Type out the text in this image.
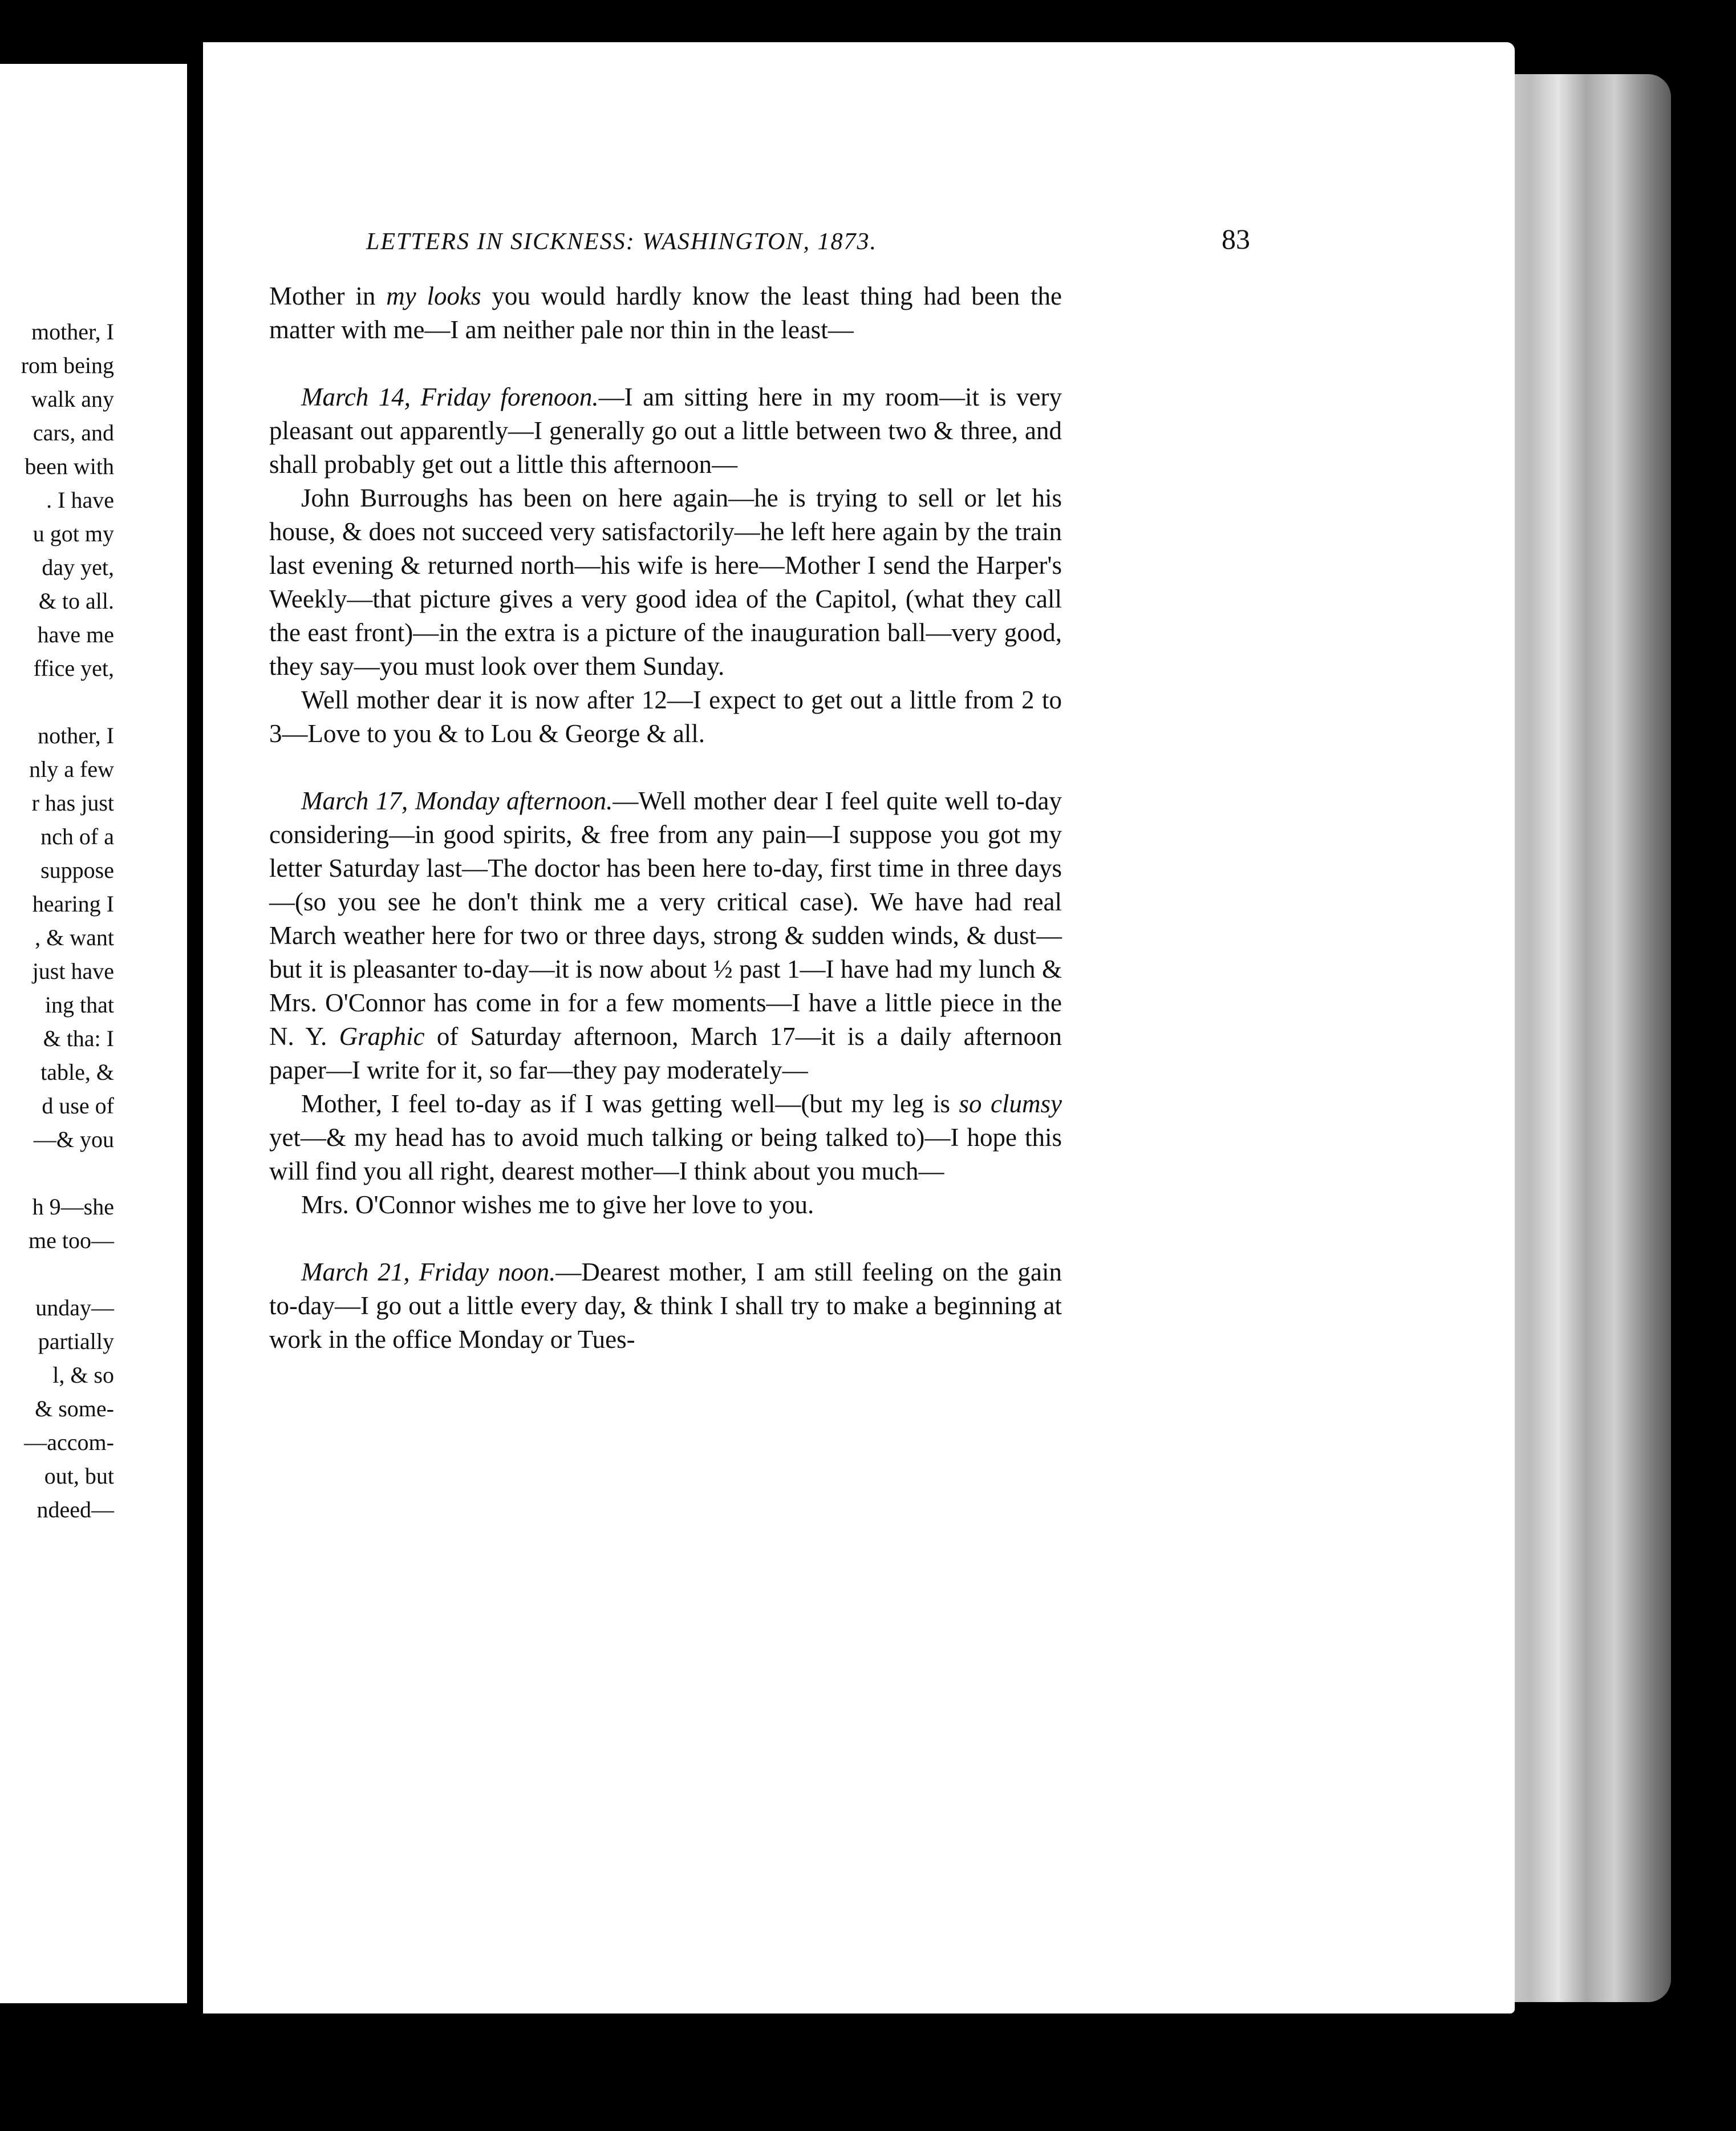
mother, I
rom being
walk any
cars, and
been with
. I have
u got my
day yet,
& to all.
have me
ffice yet,
nother, I
nly a few
r has just
nch of a
suppose
hearing I
, & want
just have
ing that
& tha: I
table, &
d use of
—& you
h 9—she
me too—
unday—
partially
l, & so
& some-
—accom-
out, but
ndeed—
LETTERS IN SICKNESS: WASHINGTON, 1873.	83

Mother in my looks you would hardly know the least thing had been the matter with me—I am neither pale nor thin in the least—

March 14, Friday forenoon.—I am sitting here in my room—it is very pleasant out apparently—I generally go out a little between two & three, and shall probably get out a little this afternoon—

John Burroughs has been on here again—he is trying to sell or let his house, & does not succeed very satisfactorily—he left here again by the train last evening & returned north—his wife is here—Mother I send the Harper's Weekly—that picture gives a very good idea of the Capitol, (what they call the east front)—in the extra is a picture of the inauguration ball—very good, they say—you must look over them Sunday.

Well mother dear it is now after 12—I expect to get out a little from 2 to 3—Love to you & to Lou & George & all.

March 17, Monday afternoon.—Well mother dear I feel quite well to-day considering—in good spirits, & free from any pain—I suppose you got my letter Saturday last—The doctor has been here to-day, first time in three days—(so you see he don't think me a very critical case). We have had real March weather here for two or three days, strong & sudden winds, & dust—but it is pleasanter to-day—it is now about ½ past 1—I have had my lunch & Mrs. O'Connor has come in for a few moments—I have a little piece in the N. Y. Graphic of Saturday afternoon, March 17—it is a daily afternoon paper—I write for it, so far—they pay moderately—

Mother, I feel to-day as if I was getting well—(but my leg is so clumsy yet—& my head has to avoid much talking or being talked to)—I hope this will find you all right, dearest mother—I think about you much—

Mrs. O'Connor wishes me to give her love to you.

March 21, Friday noon.—Dearest mother, I am still feeling on the gain to-day—I go out a little every day, & think I shall try to make a beginning at work in the office Monday or Tues-
